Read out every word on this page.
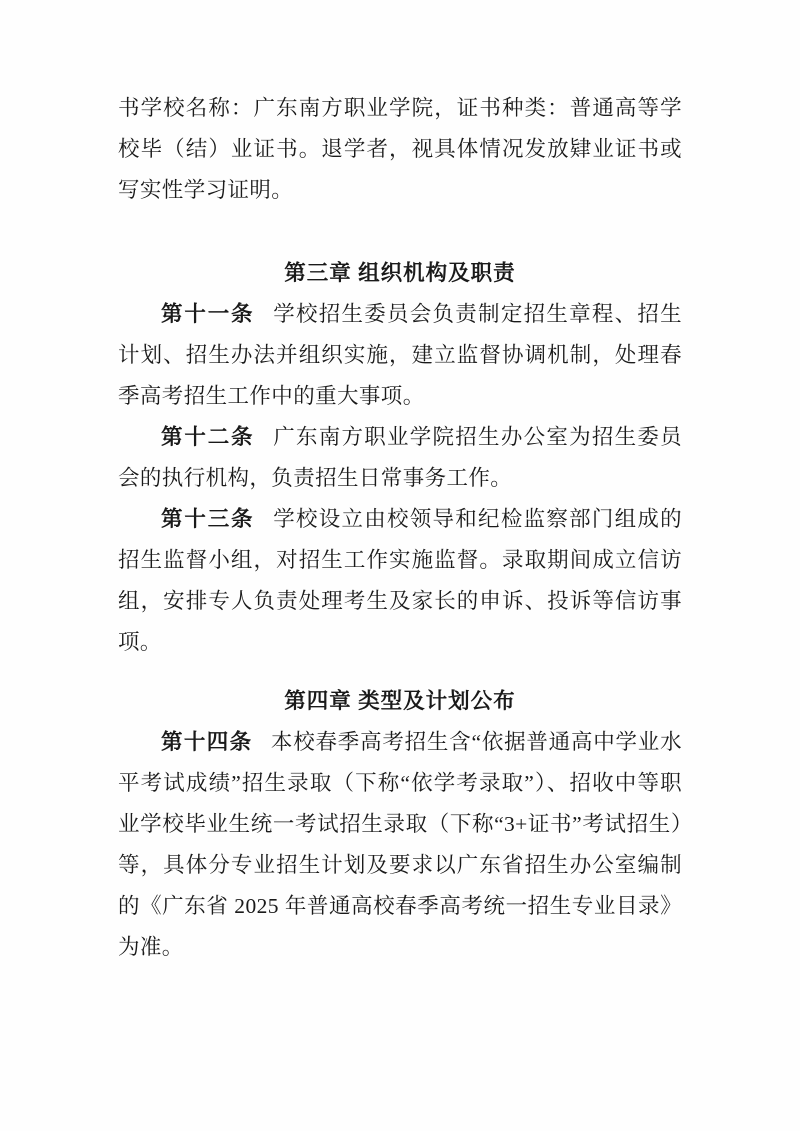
书学校名称：广东南方职业学院，证书种类：普通高等学校毕（结）业证书。退学者，视具体情况发放肄业证书或写实性学习证明。

第三章 组织机构及职责

第十一条 学校招生委员会负责制定招生章程、招生计划、招生办法并组织实施，建立监督协调机制，处理春季高考招生工作中的重大事项。

第十二条 广东南方职业学院招生办公室为招生委员会的执行机构，负责招生日常事务工作。

第十三条 学校设立由校领导和纪检监察部门组成的招生监督小组，对招生工作实施监督。录取期间成立信访组，安排专人负责处理考生及家长的申诉、投诉等信访事项。

第四章 类型及计划公布

第十四条 本校春季高考招生含“依据普通高中学业水平考试成绩”招生录取（下称“依学考录取”）、招收中等职业学校毕业生统一考试招生录取（下称“3+证书”考试招生）等，具体分专业招生计划及要求以广东省招生办公室编制的《广东省 2025 年普通高校春季高考统一招生专业目录》为准。
